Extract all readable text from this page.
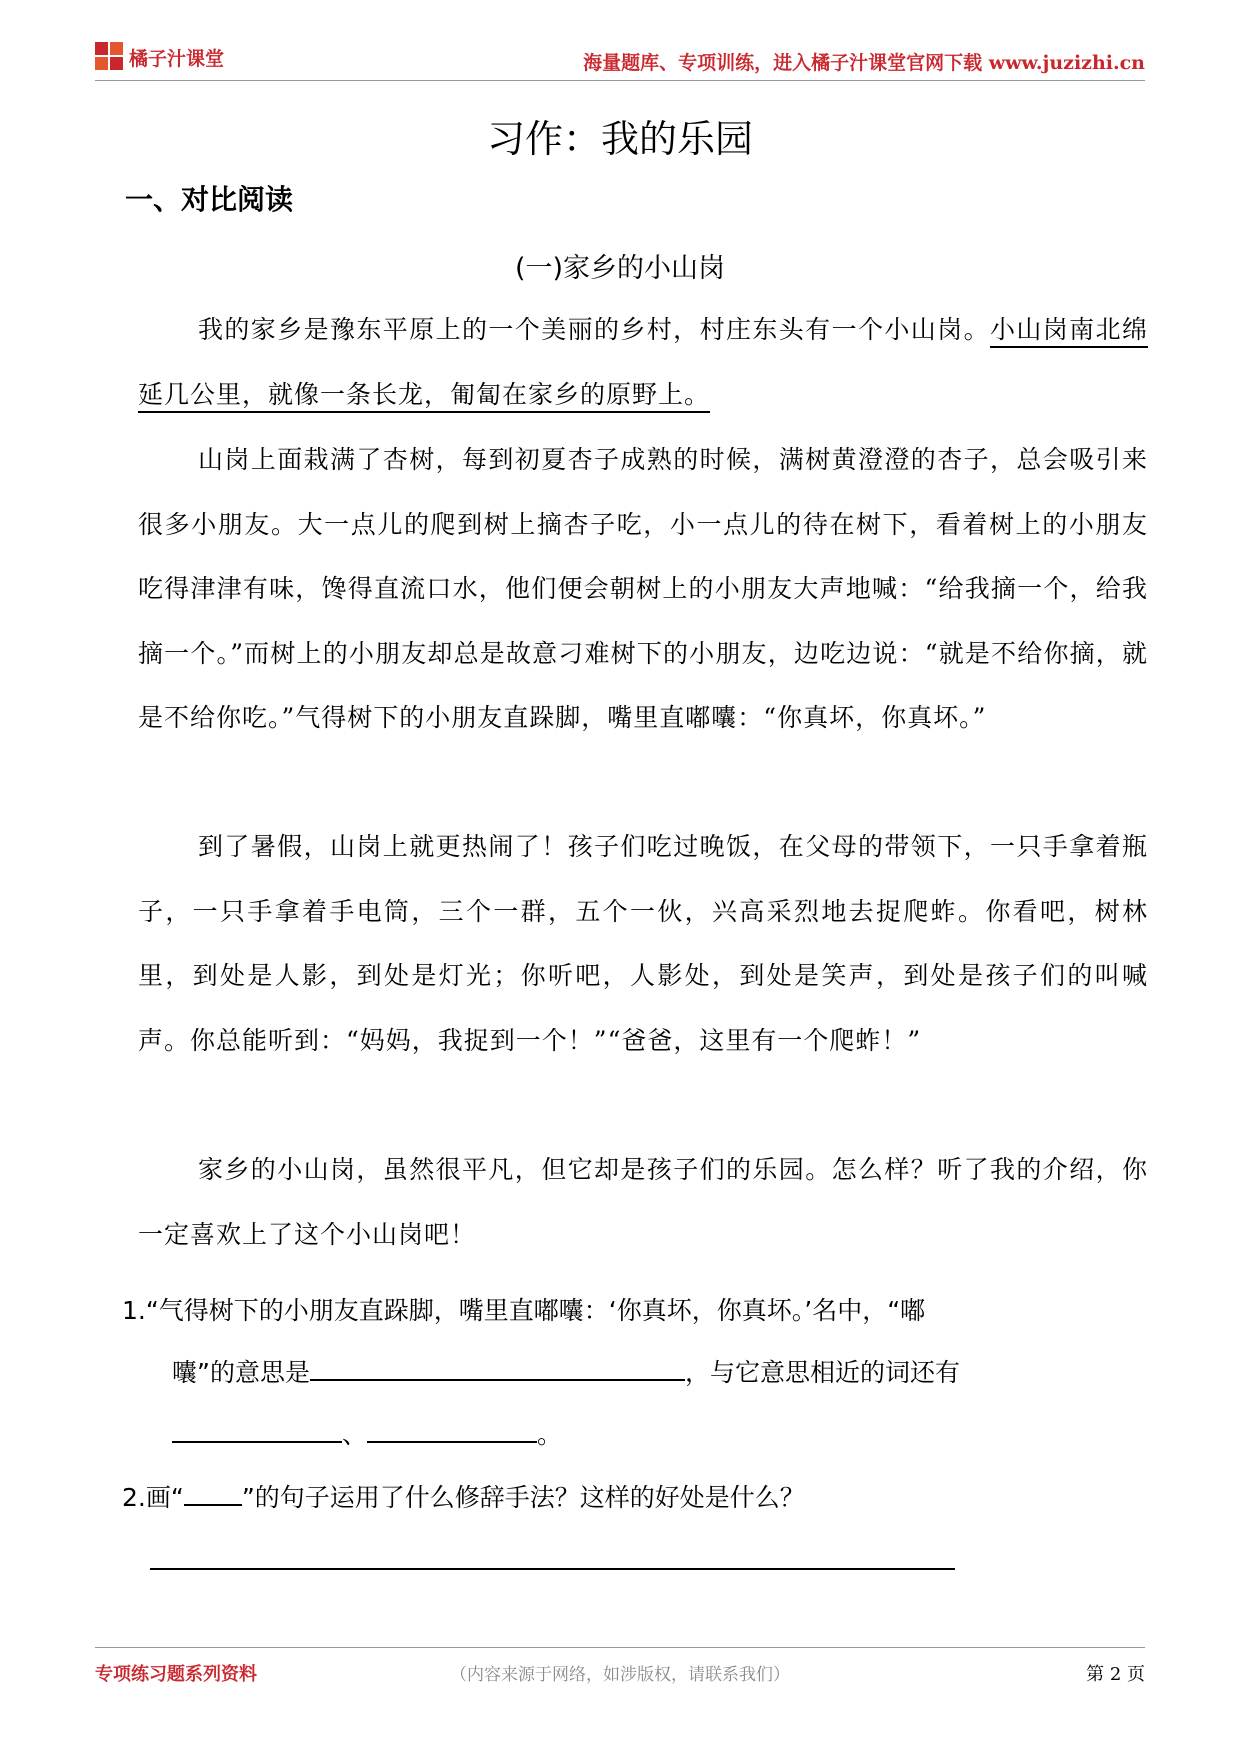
橘子汁课堂	海量题库、专项训练，进入橘子汁课堂官网下载 www.juzizhi.cn
习作：我的乐园
一、对比阅读
(一)家乡的小山岗

我的家乡是豫东平原上的一个美丽的乡村，村庄东头有一个小山岗。小山岗南北绵延几公里，就像一条长龙，匍匐在家乡的原野上。

山岗上面栽满了杏树，每到初夏杏子成熟的时候，满树黄澄澄的杏子，总会吸引来很多小朋友。大一点儿的爬到树上摘杏子吃，小一点儿的待在树下，看着树上的小朋友吃得津津有味，馋得直流口水，他们便会朝树上的小朋友大声地喊：“给我摘一个，给我摘一个。”而树上的小朋友却总是故意刁难树下的小朋友，边吃边说：“就是不给你摘，就是不给你吃。”气得树下的小朋友直跺脚，嘴里直嘟囔：“你真坏，你真坏。”

到了暑假，山岗上就更热闹了！孩子们吃过晚饭，在父母的带领下，一只手拿着瓶子，一只手拿着手电筒，三个一群，五个一伙，兴高采烈地去捉爬蚱。你看吧，树林里，到处是人影，到处是灯光；你听吧，人影处，到处是笑声，到处是孩子们的叫喊声。你总能听到：“妈妈，我捉到一个！”“爸爸，这里有一个爬蚱！”

家乡的小山岗，虽然很平凡，但它却是孩子们的乐园。怎么样？听了我的介绍，你一定喜欢上了这个小山岗吧！

1.“气得树下的小朋友直跺脚，嘴里直嘟囔：‘你真坏，你真坏。’名中，“嘟
囔”的意思是	，与它意思相近的词还有
、	。
2.画“ ”的句子运用了什么修辞手法？这样的好处是什么？
专项练习题系列资料	（内容来源于网络，如涉版权，请联系我们）	第 2 页
